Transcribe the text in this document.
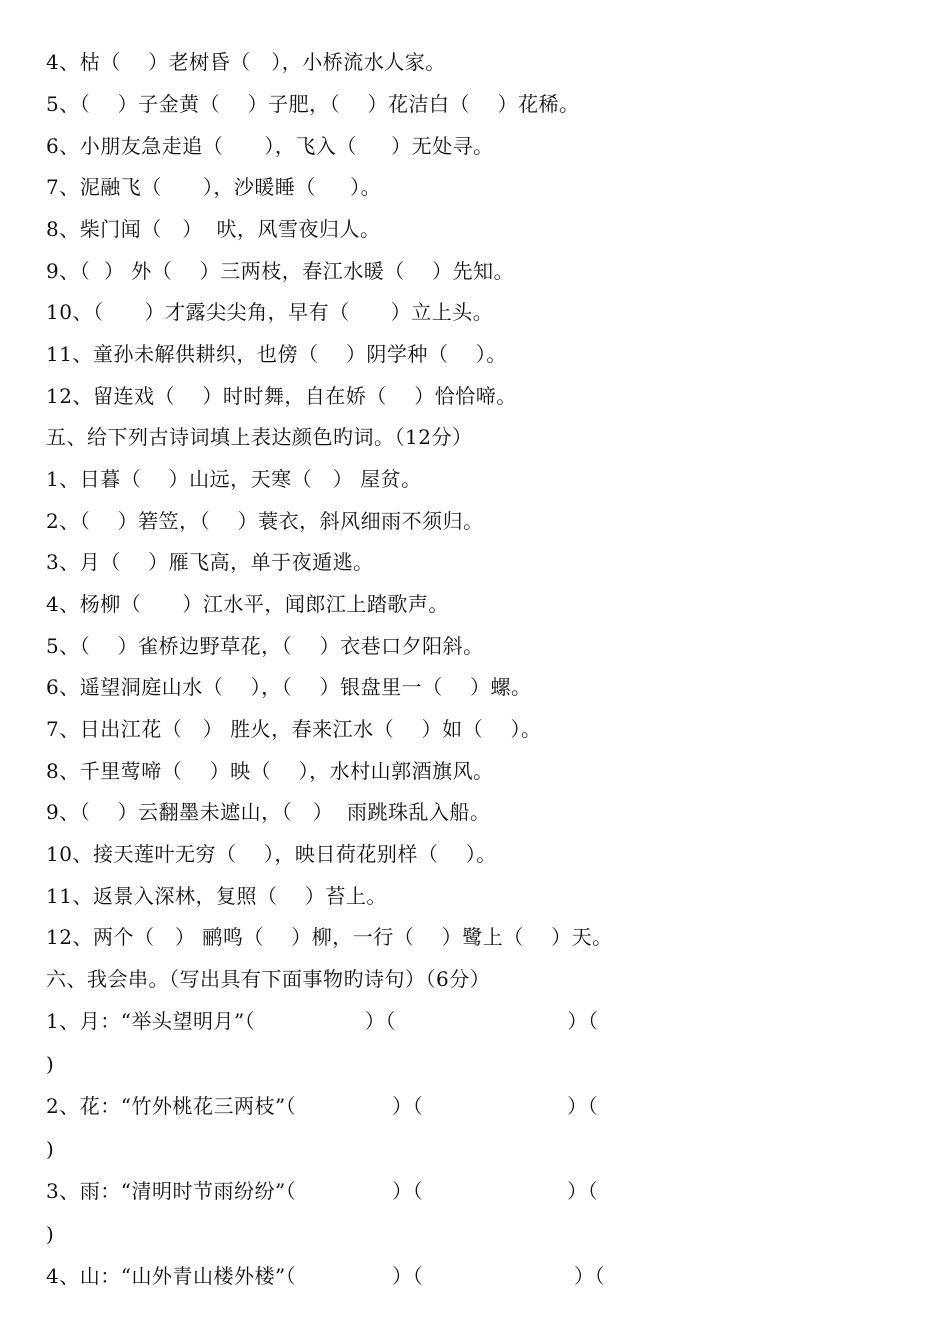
4、枯（    ）老树昏（   ），小桥流水人家。
5、（    ）子金黄（    ）子肥，（    ）花洁白（    ）花稀。
6、小朋友急走追（      ），飞入（     ）无处寻。
7、泥融飞（      ），沙暖睡（     ）。
8、柴门闻（   ）  吠，风雪夜归人。
9、（  ） 外（    ）三两枝，春江水暖（    ）先知。
10、（      ）才露尖尖角，早有（      ）立上头。
11、童孙未解供耕织，也傍（    ）阴学种（    ）。
12、留连戏（    ）时时舞，自在娇（    ）恰恰啼。
五、给下列古诗词填上表达颜色旳词。（12分）
1、日暮（    ）山远，天寒（   ） 屋贫。
2、（    ）箬笠，（    ）蓑衣，斜风细雨不须归。
3、月（    ）雁飞高，单于夜遁逃。
4、杨柳（      ）江水平，闻郎江上踏歌声。
5、（    ）雀桥边野草花，（    ）衣巷口夕阳斜。
6、遥望洞庭山水（    ），（    ）银盘里一（    ）螺。
7、日出江花（   ） 胜火，春来江水（    ）如（    ）。
8、千里莺啼（    ）映（    ），水村山郭酒旗风。
9、（    ）云翻墨未遮山，（   ）  雨跳珠乱入船。
10、接天莲叶无穷（    ），映日荷花别样（    ）。
11、返景入深林，复照（    ）苔上。
12、两个（   ） 鹂鸣（    ）柳，一行（    ）鹭上（    ）天。
六、我会串。（写出具有下面事物旳诗句）（6分）
1、月：“举头望明月”（                ）（                         ）（
)
2、花：“竹外桃花三两枝”（              ）（                     ）（
)
3、雨：“清明时节雨纷纷”（              ）（                     ）（
)
4、山：“山外青山楼外楼”（              ）（                      ）（
